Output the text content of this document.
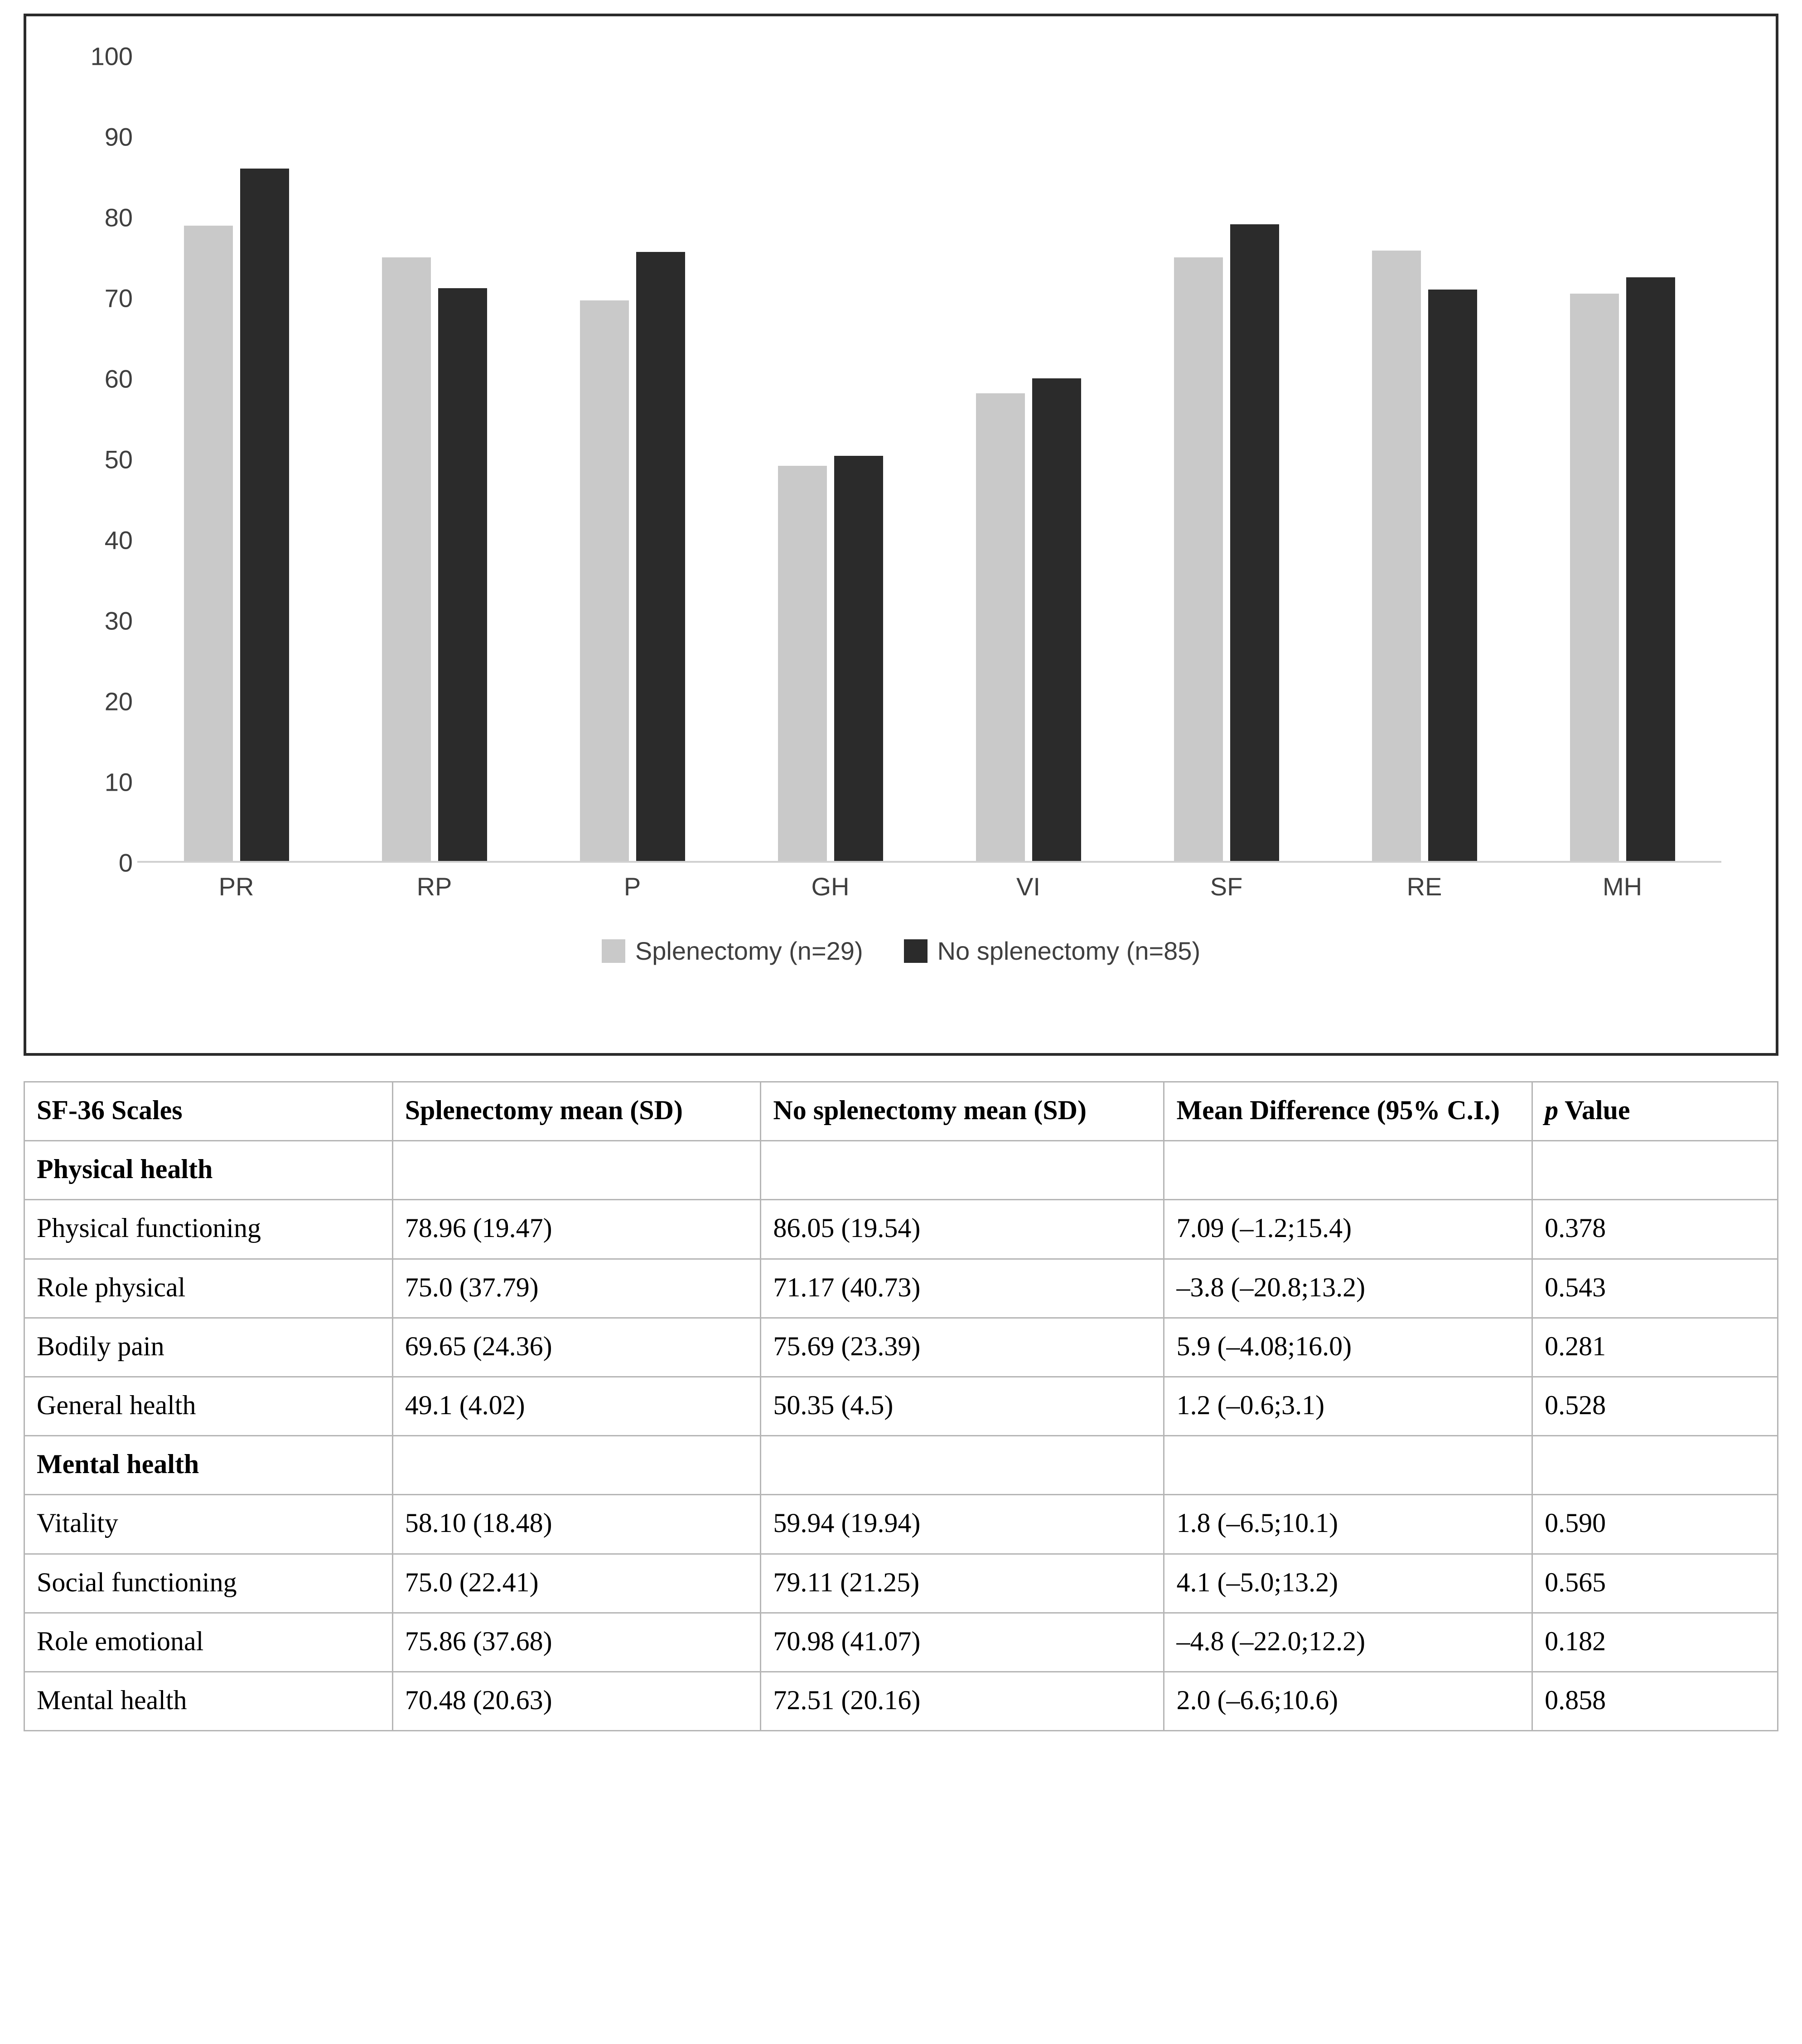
100
90
80
70
60
50
40
30
20
10
0
PR	RP	P	GH	VI	SF	RE	MH
Splenectomy (n=29)	No splenectomy (n=85)
SF-36 Scales	Splenectomy mean (SD)	No splenectomy mean (SD)	Mean Difference (95% C.I.)	p Value
Physical health				
Physical functioning	78.96 (19.47)	86.05 (19.54)	7.09 (–1.2;15.4)	0.378
Role physical	75.0 (37.79)	71.17 (40.73)	–3.8 (–20.8;13.2)	0.543
Bodily pain	69.65 (24.36)	75.69 (23.39)	5.9 (–4.08;16.0)	0.281
General health	49.1 (4.02)	50.35 (4.5)	1.2 (–0.6;3.1)	0.528
Mental health				
Vitality	58.10 (18.48)	59.94 (19.94)	1.8 (–6.5;10.1)	0.590
Social functioning	75.0 (22.41)	79.11 (21.25)	4.1 (–5.0;13.2)	0.565
Role emotional	75.86 (37.68)	70.98 (41.07)	–4.8 (–22.0;12.2)	0.182
Mental health	70.48 (20.63)	72.51 (20.16)	2.0 (–6.6;10.6)	0.858
